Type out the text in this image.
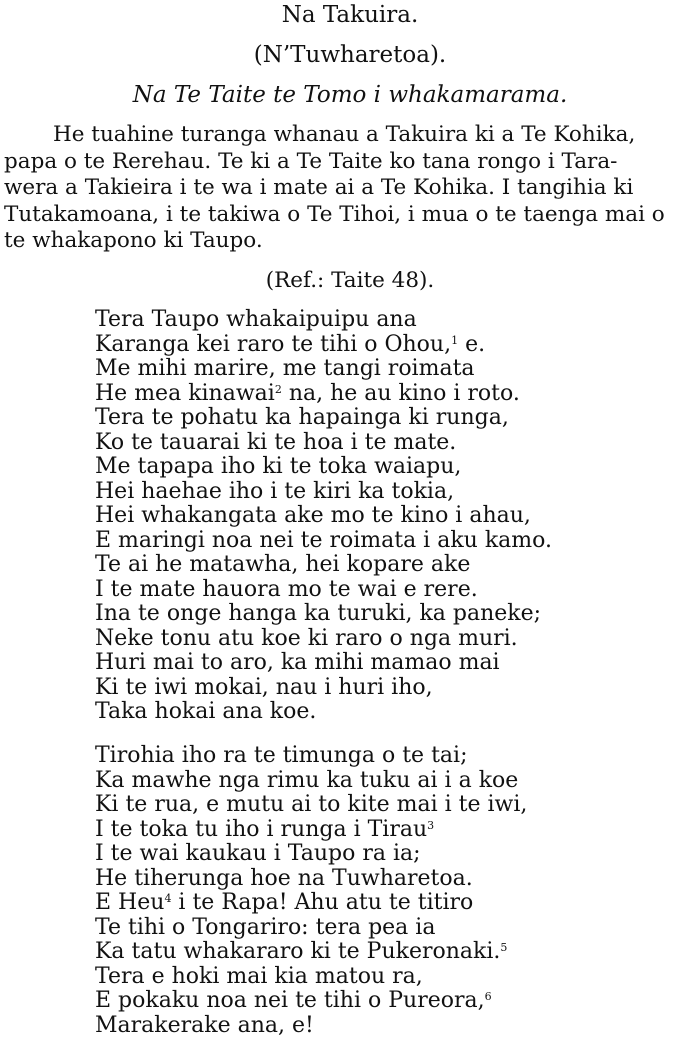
Na Takuira.
(N’Tuwharetoa).
Na Te Taite te Tomo i whakamarama.
He tuahine turanga whanau a Takuira ki a Te Kohika,
papa o te Rerehau. Te ki a Te Taite ko tana rongo i Tara-
wera a Takieira i te wa i mate ai a Te Kohika. I tangihia ki
Tutakamoana, i te takiwa o Te Tihoi, i mua o te taenga mai o
te whakapono ki Taupo.
(Ref.: Taite 48).
Tera Taupo whakaipuipu ana
Karanga kei raro te tihi o Ohou,$^1$ e.
Me mihi marire, me tangi roimata
He mea kinawai$^2$ na, he au kino i roto.
Tera te pohatu ka hapainga ki runga,
Ko te tauarai ki te hoa i te mate.
Me tapapa iho ki te toka waiapu,
Hei haehae iho i te kiri ka tokia,
Hei whakangata ake mo te kino i ahau,
E maringi noa nei te roimata i aku kamo.
Te ai he matawha, hei kopare ake
I te mate hauora mo te wai e rere.
Ina te onge hanga ka turuki, ka paneke;
Neke tonu atu koe ki raro o nga muri.
Huri mai to aro, ka mihi mamao mai
Ki te iwi mokai, nau i huri iho,
Taka hokai ana koe.
Tirohia iho ra te timunga o te tai;
Ka mawhe nga rimu ka tuku ai i a koe
Ki te rua, e mutu ai to kite mai i te iwi,
I te toka tu iho i runga i Tirau$^3$
I te wai kaukau i Taupo ra ia;
He tiherunga hoe na Tuwharetoa.
E Heu$^4$ i te Rapa! Ahu atu te titiro
Te tihi o Tongariro: tera pea ia
Ka tatu whakararo ki te Pukeronaki.$^5$
Tera e hoki mai kia matou ra,
E pokaku noa nei te tihi o Pureora,$^6$
Marakerake ana, e!
